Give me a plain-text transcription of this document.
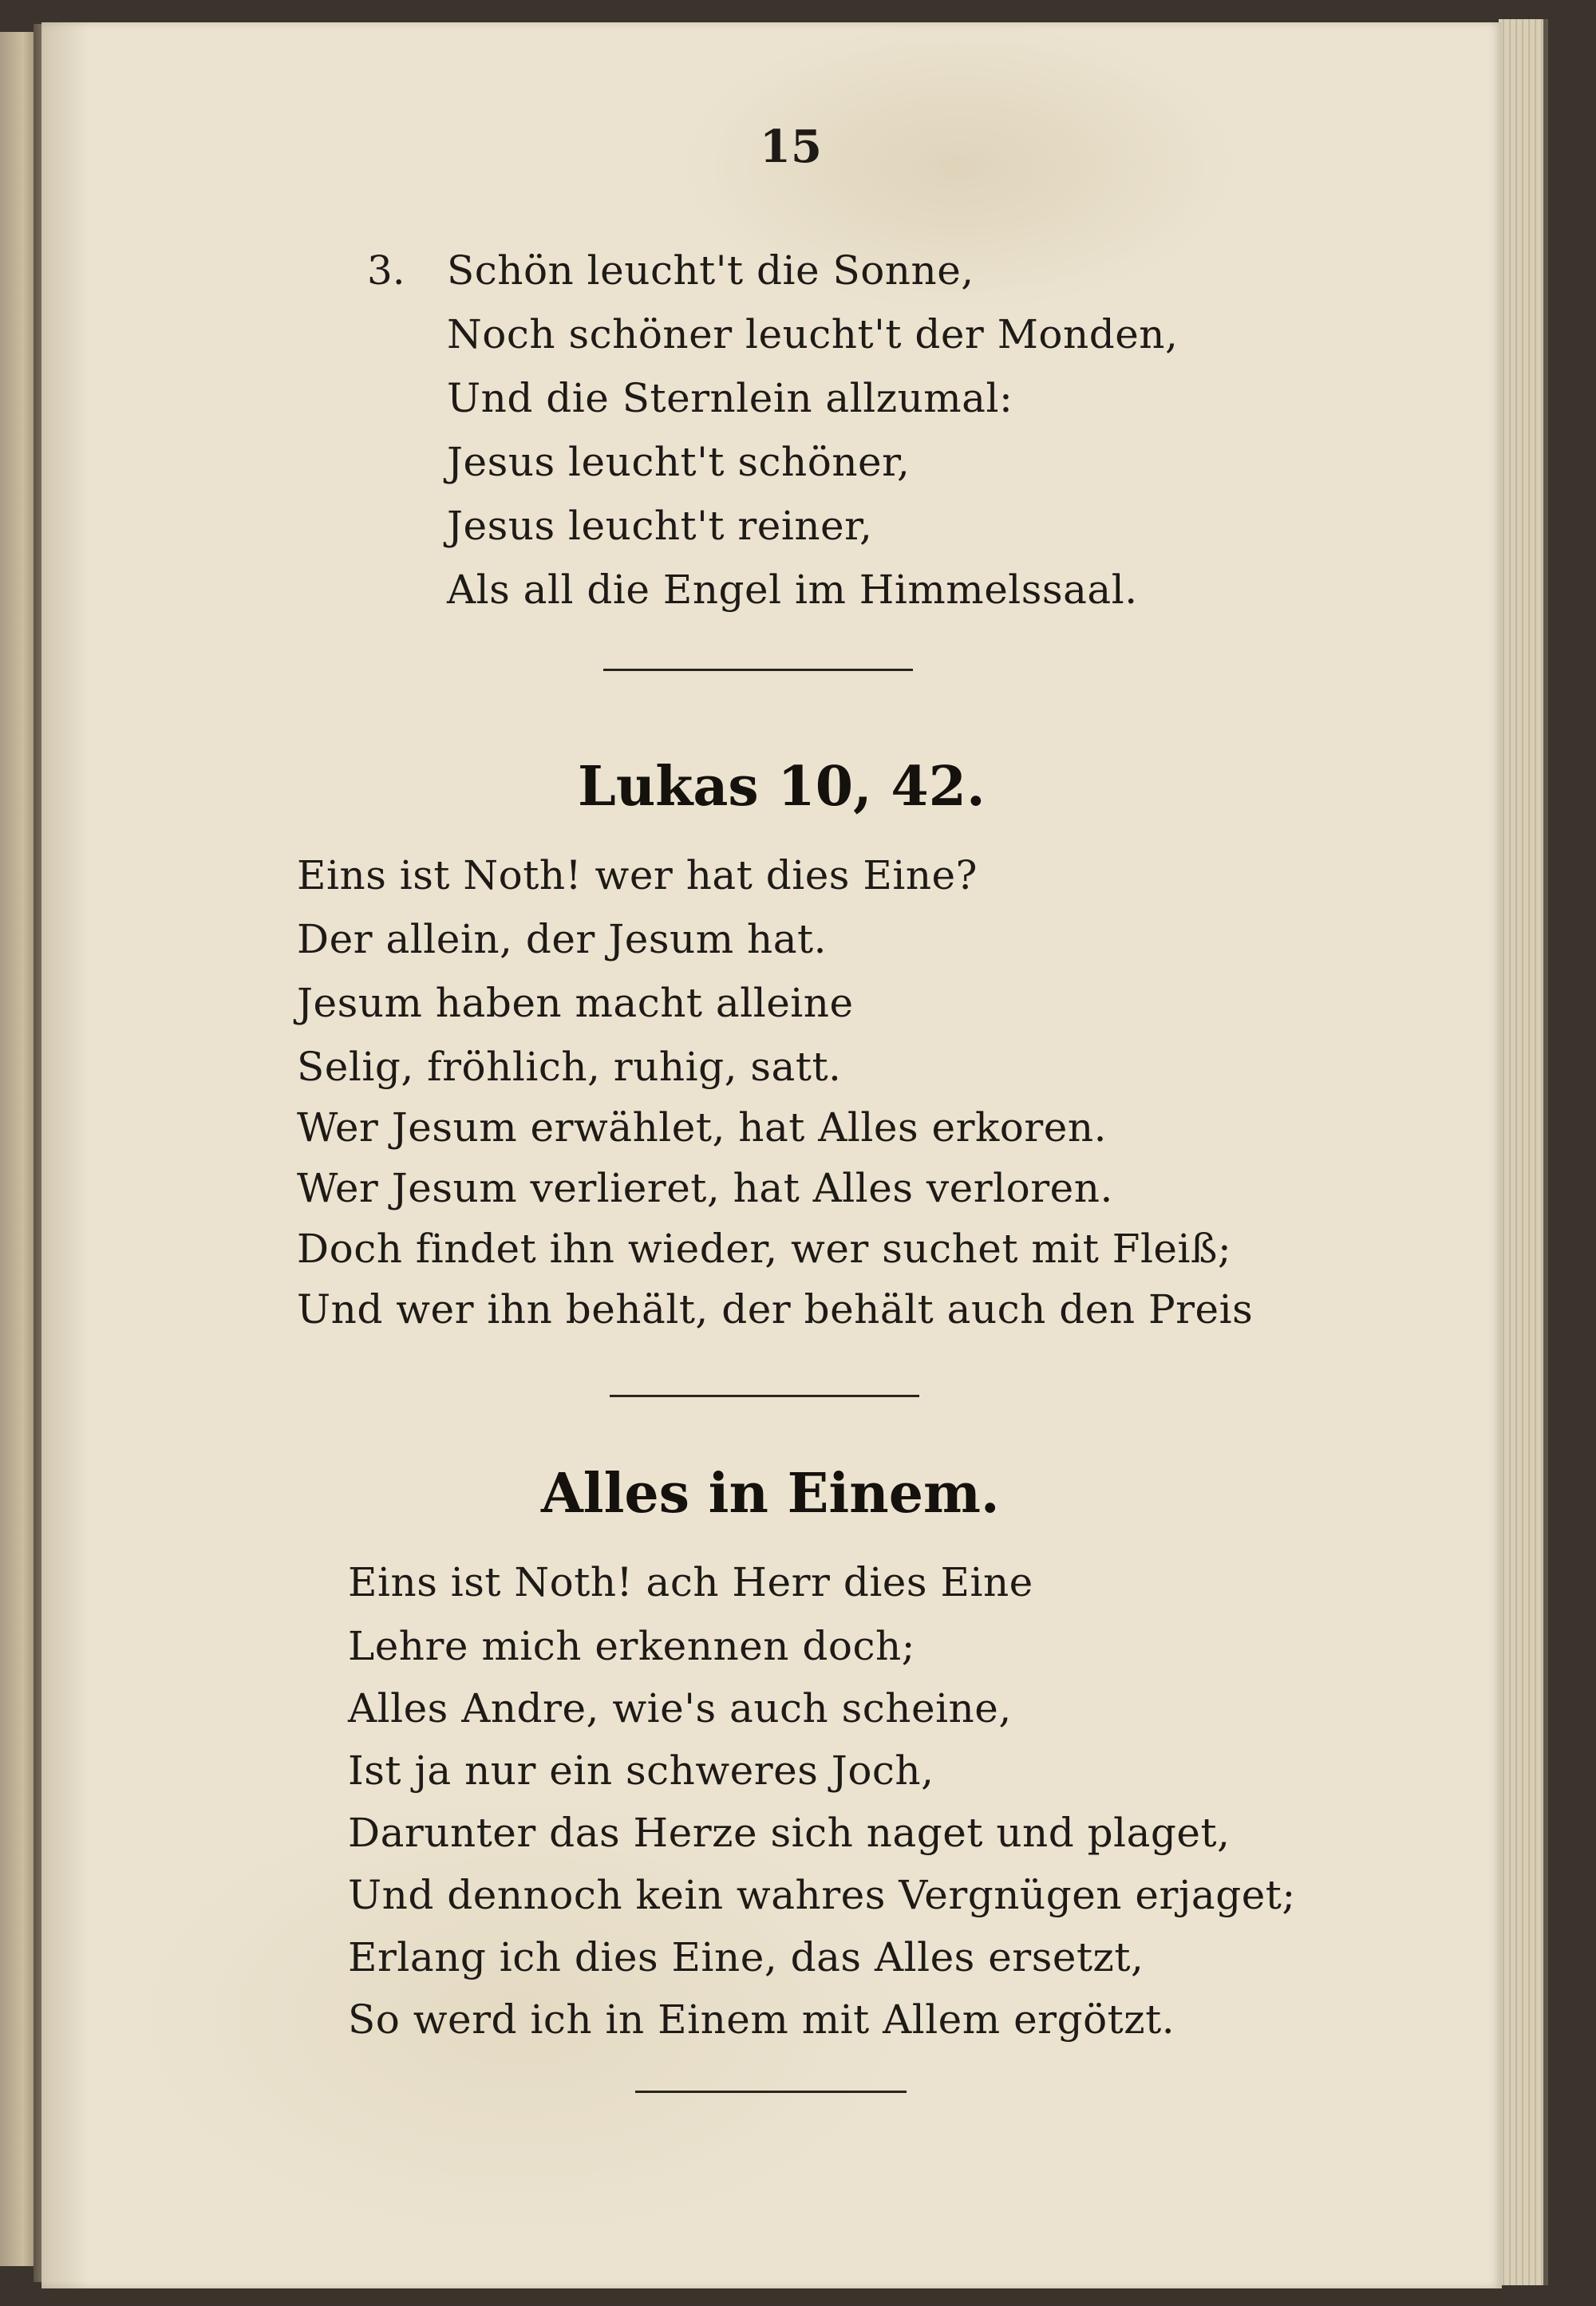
15
3. Schön leucht't die Sonne,
Noch schöner leucht't der Monden,
Und die Sternlein allzumal:
Jesus leucht't schöner,
Jesus leucht't reiner,
Als all die Engel im Himmelssaal.
Lukas 10, 42.
Eins ist Noth! wer hat dies Eine?
Der allein, der Jesum hat.
Jesum haben macht alleine
Selig, fröhlich, ruhig, satt.
Wer Jesum erwählet, hat Alles erkoren.
Wer Jesum verlieret, hat Alles verloren.
Doch findet ihn wieder, wer suchet mit Fleiß;
Und wer ihn behält, der behält auch den Preis
Alles in Einem.
Eins ist Noth! ach Herr dies Eine
Lehre mich erkennen doch;
Alles Andre, wie's auch scheine,
Ist ja nur ein schweres Joch,
Darunter das Herze sich naget und plaget,
Und dennoch kein wahres Vergnügen erjaget;
Erlang ich dies Eine, das Alles ersetzt,
So werd ich in Einem mit Allem ergötzt.
